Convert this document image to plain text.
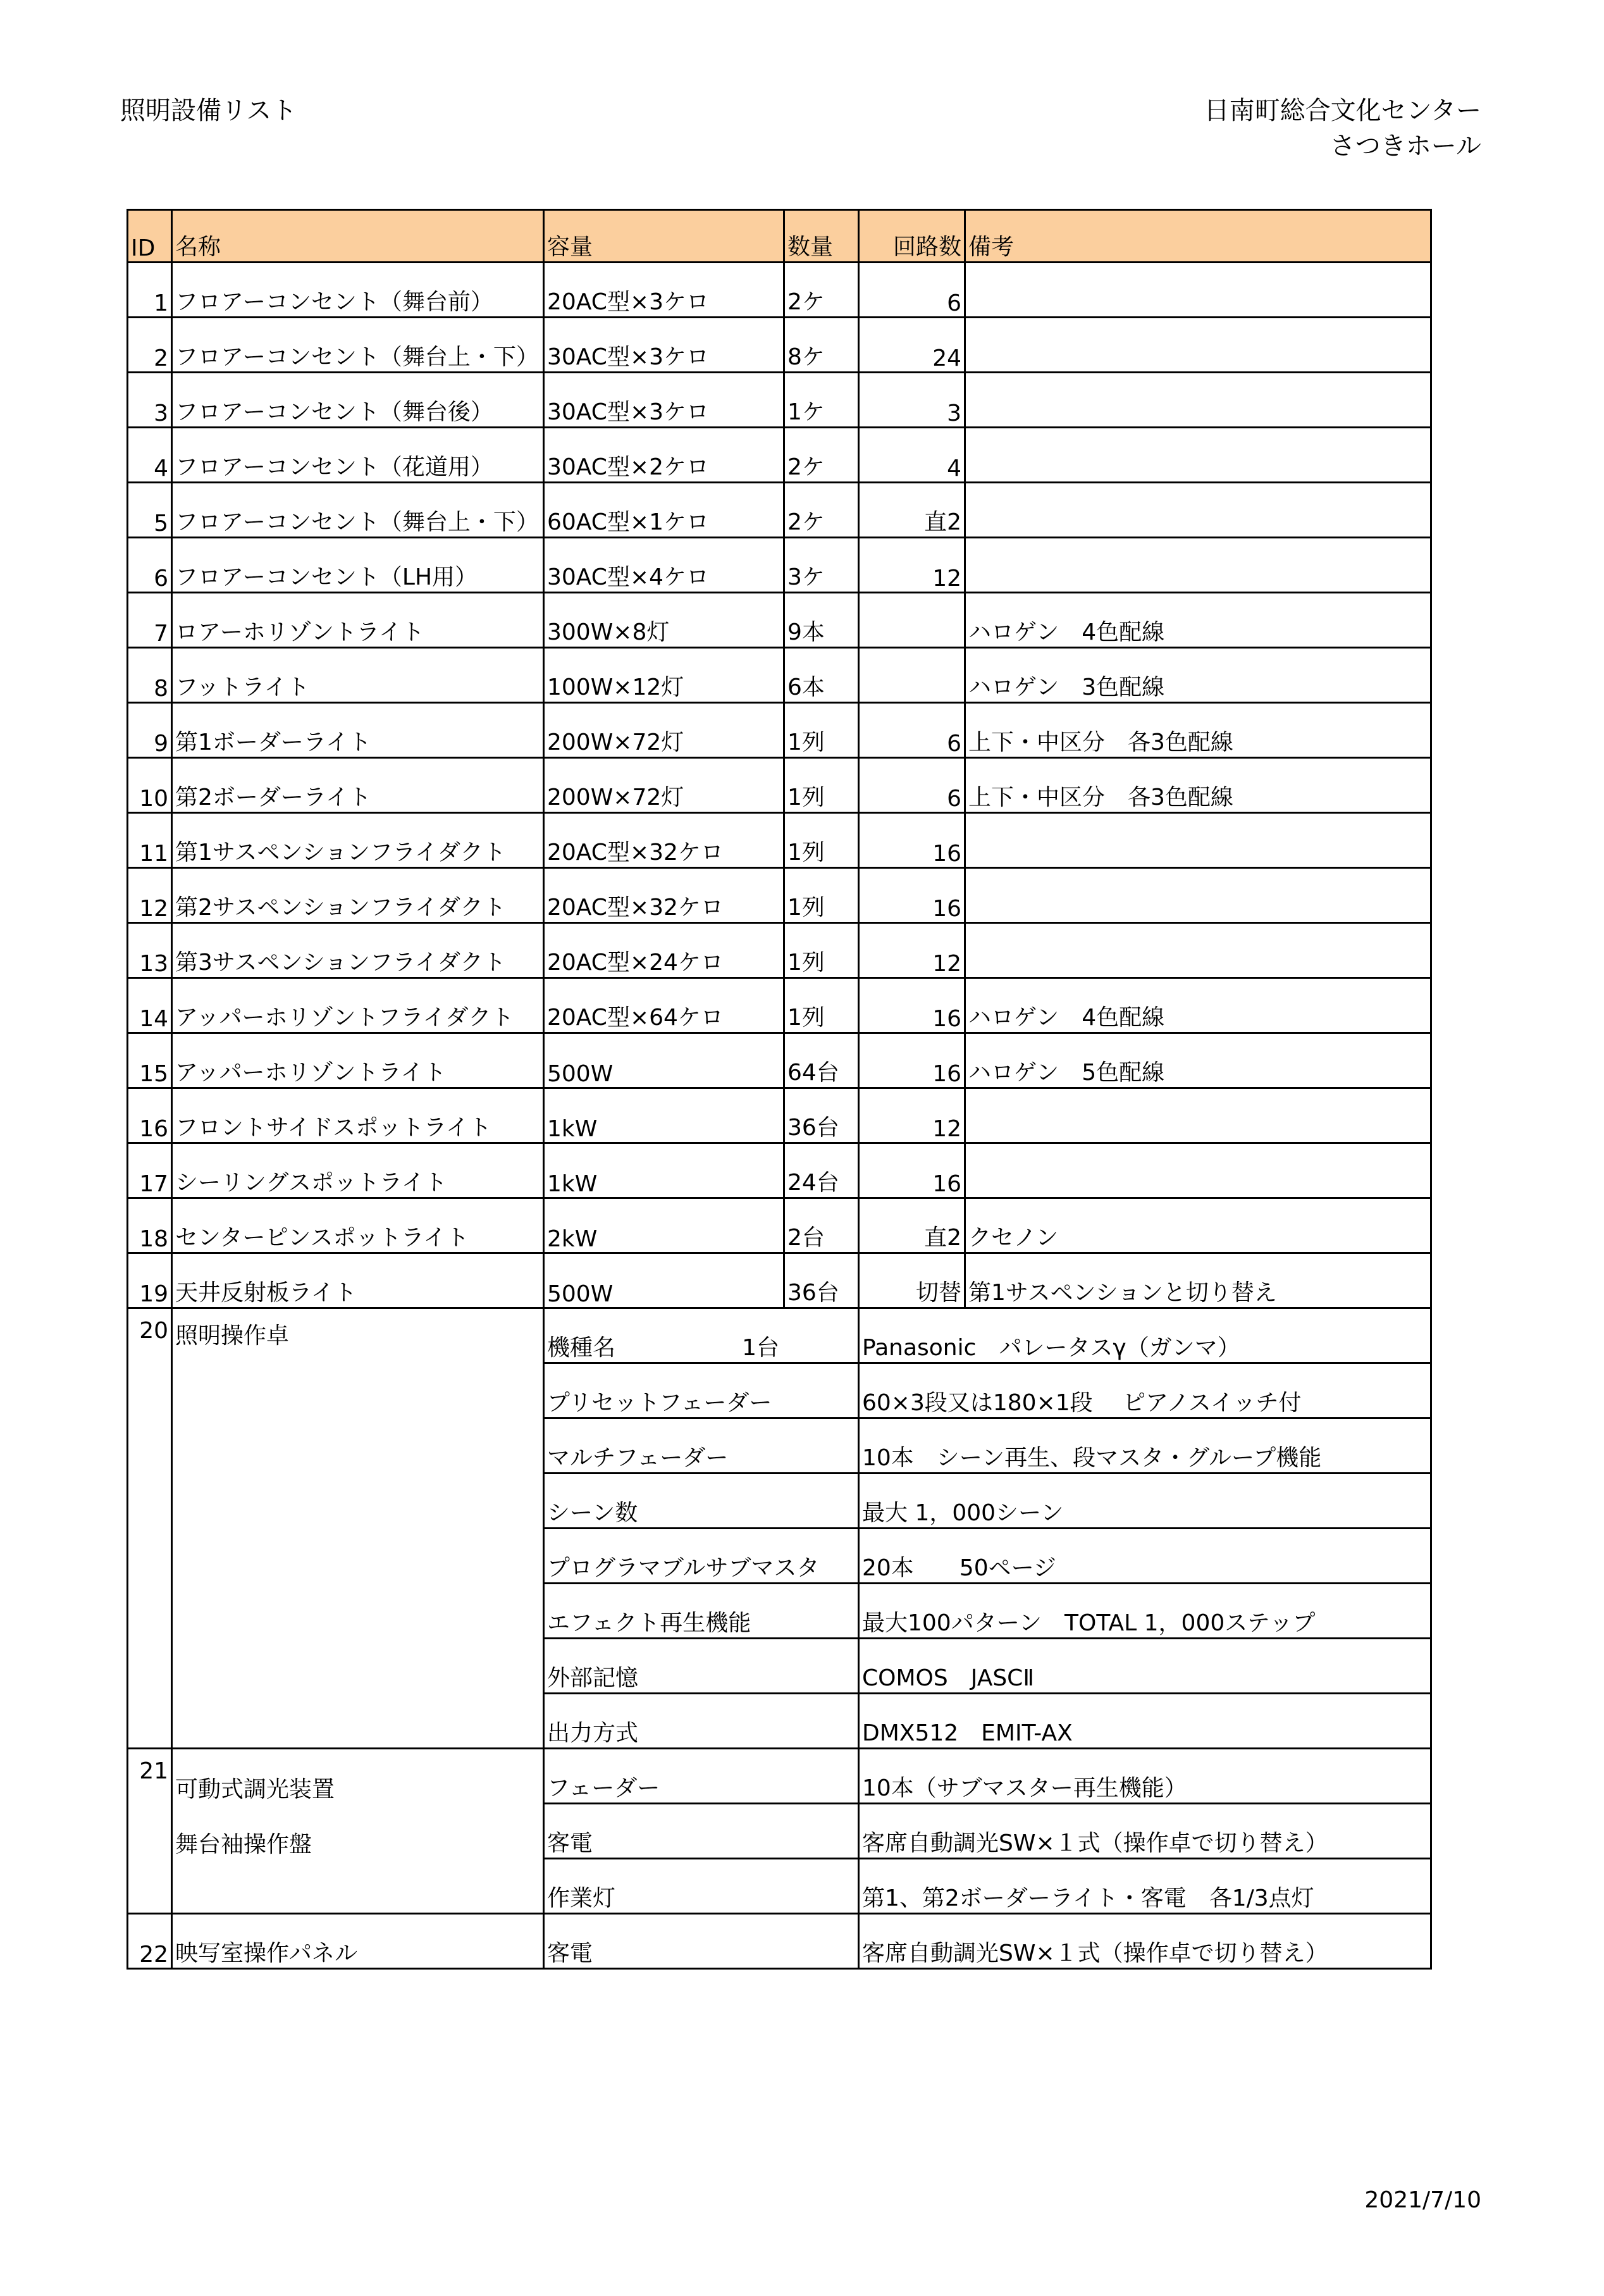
照明設備リスト	日南町総合文化センター
さつきホール
ID	名称	容量	数量	回路数	備考
1	フロアーコンセント（舞台前）	20AC型×3ケロ	2ケ	6	
2	フロアーコンセント（舞台上・下）	30AC型×3ケロ	8ケ	24	
3	フロアーコンセント（舞台後）	30AC型×3ケロ	1ケ	3	
4	フロアーコンセント（花道用）	30AC型×2ケロ	2ケ	4	
5	フロアーコンセント（舞台上・下）	60AC型×1ケロ	2ケ	直2	
6	フロアーコンセント（LH用）	30AC型×4ケロ	3ケ	12	
7	ロアーホリゾントライト	300W×8灯	9本		ハロゲン　4色配線
8	フットライト	100W×12灯	6本		ハロゲン　3色配線
9	第1ボーダーライト	200W×72灯	1列	6	上下・中区分　各3色配線
10	第2ボーダーライト	200W×72灯	1列	6	上下・中区分　各3色配線
11	第1サスペンションフライダクト	20AC型×32ケロ	1列	16	
12	第2サスペンションフライダクト	20AC型×32ケロ	1列	16	
13	第3サスペンションフライダクト	20AC型×24ケロ	1列	12	
14	アッパーホリゾントフライダクト	20AC型×64ケロ	1列	16	ハロゲン　4色配線
15	アッパーホリゾントライト	500W	64台	16	ハロゲン　5色配線
16	フロントサイドスポットライト	1kW	36台	12	
17	シーリングスポットライト	1kW	24台	16	
18	センターピンスポットライト	2kW	2台	直2	クセノン
19	天井反射板ライト	500W	36台	切替	第1サスペンションと切り替え
20	照明操作卓	機種名 1台		Panasonic　パレータスγ（ガンマ）	
		プリセットフェーダー		60×3段又は180×1段　 ピアノスイッチ付	
		マルチフェーダー		10本　シーン再生、段マスタ・グループ機能	
		シーン数		最大 1，000シーン	
		プログラマブルサブマスタ		20本　　50ページ	
		エフェクト再生機能		最大100パターン　TOTAL 1，000ステップ	
		外部記憶		COMOS　JASCⅡ	
		出力方式		DMX512　EMIT-AX	
21	可動式調光装置	フェーダー		10本（サブマスター再生機能）	
	舞台袖操作盤	客電		客席自動調光SW×１式（操作卓で切り替え）	
		作業灯		第1、第2ボーダーライト・客電　各1/3点灯	
22	映写室操作パネル	客電		客席自動調光SW×１式（操作卓で切り替え）	
2021/7/10
